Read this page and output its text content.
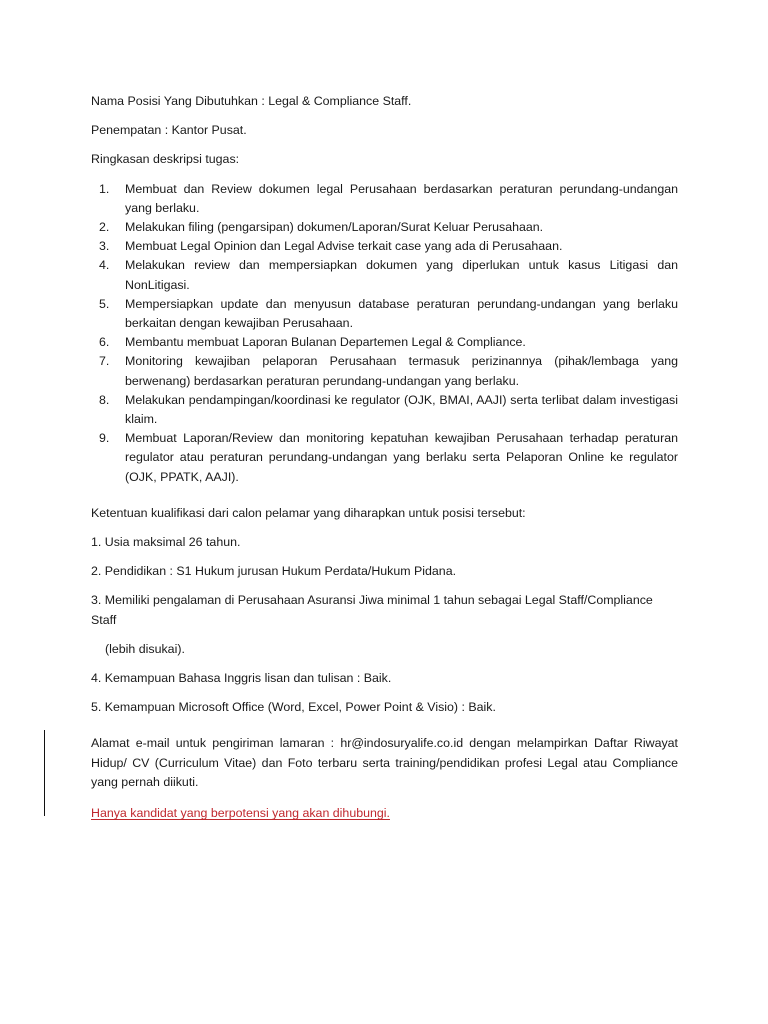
Nama Posisi Yang Dibutuhkan : Legal & Compliance Staff.

Penempatan : Kantor Pusat.

Ringkasan deskripsi tugas:

1. Membuat dan Review dokumen legal Perusahaan berdasarkan peraturan perundang-undangan yang berlaku.
2. Melakukan filing (pengarsipan) dokumen/Laporan/Surat Keluar Perusahaan.
3. Membuat Legal Opinion dan Legal Advise terkait case yang ada di Perusahaan.
4. Melakukan review dan mempersiapkan dokumen yang diperlukan untuk kasus Litigasi dan NonLitigasi.
5. Mempersiapkan update dan menyusun database peraturan perundang-undangan yang berlaku berkaitan dengan kewajiban Perusahaan.
6. Membantu membuat Laporan Bulanan Departemen Legal & Compliance.
7. Monitoring kewajiban pelaporan Perusahaan termasuk perizinannya (pihak/lembaga yang berwenang) berdasarkan peraturan perundang-undangan yang berlaku.
8. Melakukan pendampingan/koordinasi ke regulator (OJK, BMAI, AAJI) serta terlibat dalam investigasi klaim.
9. Membuat Laporan/Review dan monitoring kepatuhan kewajiban Perusahaan terhadap peraturan regulator atau peraturan perundang-undangan yang berlaku serta Pelaporan Online ke regulator (OJK, PPATK, AAJI).

Ketentuan kualifikasi dari calon pelamar yang diharapkan untuk posisi tersebut:

1. Usia maksimal 26 tahun.

2. Pendidikan : S1 Hukum jurusan Hukum Perdata/Hukum Pidana.

3. Memiliki pengalaman di Perusahaan Asuransi Jiwa minimal 1 tahun sebagai Legal Staff/Compliance Staff

(lebih disukai).

4. Kemampuan Bahasa Inggris lisan dan tulisan : Baik.

5. Kemampuan Microsoft Office (Word, Excel, Power Point & Visio) : Baik.

Alamat e-mail untuk pengiriman lamaran : hr@indosuryalife.co.id dengan melampirkan Daftar Riwayat Hidup/ CV (Curriculum Vitae) dan Foto terbaru serta training/pendidikan profesi Legal atau Compliance yang pernah diikuti.

Hanya kandidat yang berpotensi yang akan dihubungi.
